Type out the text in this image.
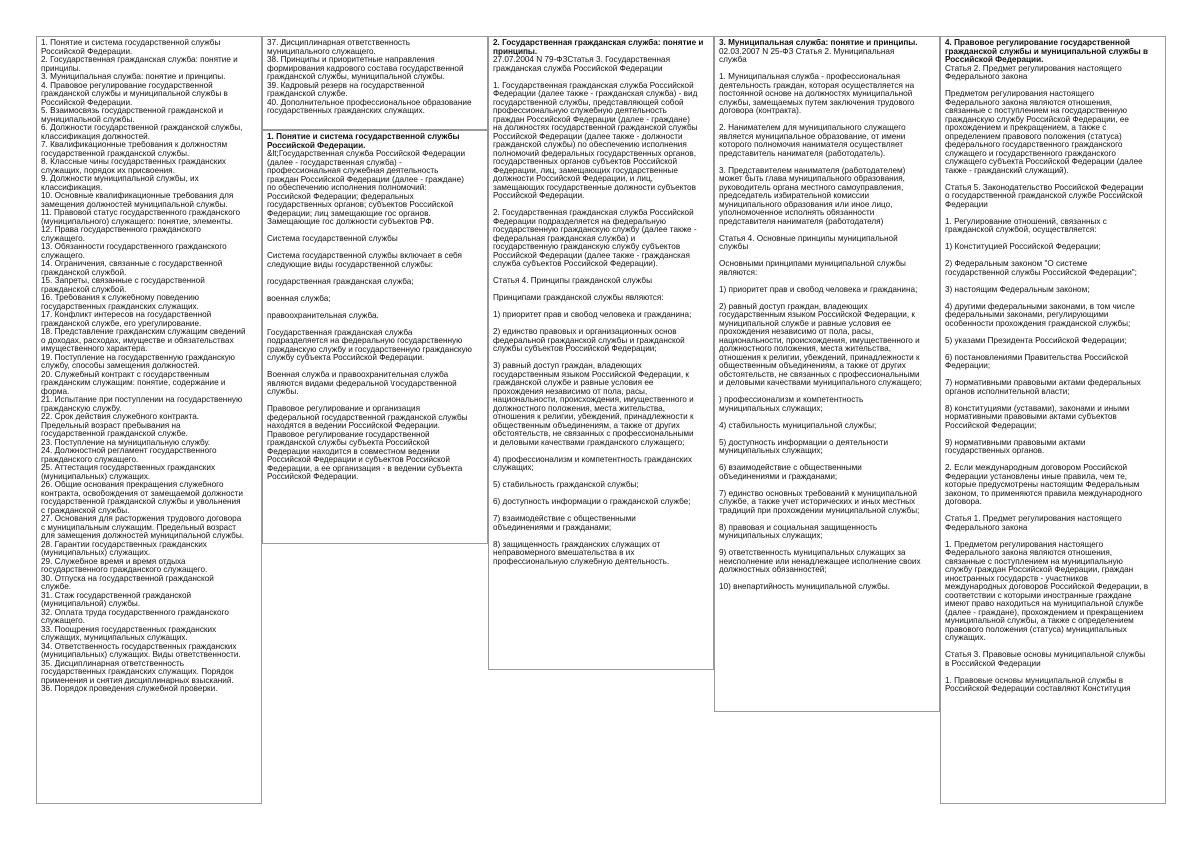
1. Понятие и система государственной службы
Российской Федерации.
2. Государственная гражданская служба: понятие и
принципы.
3. Муниципальная служба: понятие и принципы.
4. Правовое регулирование государственной
гражданской службы и муниципальной службы в
Российской Федерации.
5. Взаимосвязь государственной гражданской и
муниципальной службы.
6. Должности государственной гражданской службы,
классификация должностей.
7. Квалификационные требования к должностям
государственной гражданской службы.
8. Классные чины государственных гражданских
служащих, порядок их присвоения.
9. Должности муниципальной службы, их
классификация.
10. Основные квалификационные требования для
замещения должностей муниципальной службы.
11. Правовой статус государственного гражданского
(муниципального) служащего: понятие, элементы.
12. Права государственного гражданского
служащего.
13. Обязанности государственного гражданского
служащего.
14. Ограничения, связанные с государственной
гражданской службой.
15. Запреты, связанные с государственной
гражданской службой.
16. Требования к служебному поведению
государственных гражданских служащих.
17. Конфликт интересов на государственной
гражданской службе, его урегулирование.
18. Представление гражданским служащим сведений
о доходах, расходах, имуществе и обязательствах
имущественного характера.
19. Поступление на государственную гражданскую
службу, способы замещения должностей.
20. Служебный контракт с государственным
гражданским служащим: понятие, содержание и
форма.
21. Испытание при поступлении на государственную
гражданскую службу.
22. Срок действия служебного контракта.
Предельный возраст пребывания на
государственной гражданской службе.
23. Поступление на муниципальную службу.
24. Должностной регламент государственного
гражданского служащего.
25. Аттестация государственных гражданских
(муниципальных) служащих.
26. Общие основания прекращения служебного
контракта, освобождения от замещаемой должности
государственной гражданской службы и увольнения
с гражданской службы.
27. Основания для расторжения трудового договора
с муниципальным служащим. Предельный возраст
для замещения должностей муниципальной службы.
28. Гарантии государственных гражданских
(муниципальных) служащих.
29. Служебное время и время отдыха
государственного гражданского служащего.
30. Отпуска на государственной гражданской
службе.
31. Стаж государственной гражданской
(муниципальной) службы.
32. Оплата труда государственного гражданского
служащего.
33. Поощрения государственных гражданских
служащих, муниципальных служащих.
34. Ответственность государственных гражданских
(муниципальных) служащих. Виды ответственности.
35. Дисциплинарная ответственность
государственных гражданских служащих. Порядок
применения и снятия дисциплинарных взысканий.
36. Порядок проведения служебной проверки.
37. Дисциплинарная ответственность
муниципального служащего.
38. Принципы и приоритетные направления
формирования кадрового состава государственной
гражданской службы, муниципальной службы.
39. Кадровый резерв на государственной
гражданской службе.
40. Дополнительное профессиональное образование
государственных гражданских служащих.
1. Понятие и система государственной службы
Российской Федерации.
&lt;Государственная служба Российской Федерации
(далее - государственная служба) -
профессиональная служебная деятельность
граждан Российской Федерации (далее - граждане)
по обеспечению исполнения полномочий:
Российской Федерации; федеральных
государственных органов; субъектов Российской
Федерации; лиц замещающие гос органов.
Замещающие гос должности субъектов РФ.
Система государственной службы
Система государственной службы включает в себя
следующие виды государственной службы:
государственная гражданская служба;
военная служба;
правоохранительная служба.
Государственная гражданская служба
подразделяется на федеральную государственную
гражданскую службу и государственную гражданскую
службу субъекта Российской Федерации.
Военная служба и правоохранительная служба
являются видами федеральной \государственной
службы.
Правовое регулирование и организация
федеральной государственной гражданской службы
находятся в ведении Российской Федерации.
Правовое регулирование государственной
гражданской службы субъекта Российской
Федерации находится в совместном ведении
Российской Федерации и субъектов Российской
Федерации, а ее организация - в ведении субъекта
Российской Федерации.
2. Государственная гражданская служба: понятие и
принципы.
27.07.2004 N 79-ФЗСтатья 3. Государственная
гражданская служба Российской Федерации
1. Государственная гражданская служба Российской
Федерации (далее также - гражданская служба) - вид
государственной службы, представляющей собой
профессиональную служебную деятельность
граждан Российской Федерации (далее - граждане)
на должностях государственной гражданской службы
Российской Федерации (далее также - должности
гражданской службы) по обеспечению исполнения
полномочий федеральных государственных органов,
государственных органов субъектов Российской
Федерации, лиц, замещающих государственные
должности Российской Федерации, и лиц,
замещающих государственные должности субъектов
Российской Федерации.
2. Государственная гражданская служба Российской
Федерации подразделяется на федеральную
государственную гражданскую службу (далее также -
федеральная гражданская служба) и
государственную гражданскую службу субъектов
Российской Федерации (далее также - гражданская
служба субъектов Российской Федерации).
Статья 4. Принципы гражданской службы
Принципами гражданской службы являются:
1) приоритет прав и свобод человека и гражданина;
2) единство правовых и организационных основ
федеральной гражданской службы и гражданской
службы субъектов Российской Федерации;
3) равный доступ граждан, владеющих
государственным языком Российской Федерации, к
гражданской службе и равные условия ее
прохождения независимо от пола, расы,
национальности, происхождения, имущественного и
должностного положения, места жительства,
отношения к религии, убеждений, принадлежности к
общественным объединениям, а также от других
обстоятельств, не связанных с профессиональными
и деловыми качествами гражданского служащего;
4) профессионализм и компетентность гражданских
служащих;
5) стабильность гражданской службы;
6) доступность информации о гражданской службе;
7) взаимодействие с общественными
объединениями и гражданами;
8) защищенность гражданских служащих от
неправомерного вмешательства в их
профессиональную служебную деятельность.
3. Муниципальная служба: понятие и принципы.
02.03.2007 N 25-ФЗ Статья 2. Муниципальная
служба
1. Муниципальная служба - профессиональная
деятельность граждан, которая осуществляется на
постоянной основе на должностях муниципальной
службы, замещаемых путем заключения трудового
договора (контракта).
2. Нанимателем для муниципального служащего
является муниципальное образование, от имени
которого полномочия нанимателя осуществляет
представитель нанимателя (работодатель).
3. Представителем нанимателя (работодателем)
может быть глава муниципального образования,
руководитель органа местного самоуправления,
председатель избирательной комиссии
муниципального образования или иное лицо,
уполномоченное исполнять обязанности
представителя нанимателя (работодателя)
Статья 4. Основные принципы муниципальной
службы
Основными принципами муниципальной службы
являются:
1) приоритет прав и свобод человека и гражданина;
2) равный доступ граждан, владеющих
государственным языком Российской Федерации, к
муниципальной службе и равные условия ее
прохождения независимо от пола, расы,
национальности, происхождения, имущественного и
должностного положения, места жительства,
отношения к религии, убеждений, принадлежности к
общественным объединениям, а также от других
обстоятельств, не связанных с профессиональными
и деловыми качествами муниципального служащего;
) профессионализм и компетентность
муниципальных служащих;
4) стабильность муниципальной службы;
5) доступность информации о деятельности
муниципальных служащих;
6) взаимодействие с общественными
объединениями и гражданами;
7) единство основных требований к муниципальной
службе, а также учет исторических и иных местных
традиций при прохождении муниципальной службы;
8) правовая и социальная защищенность
муниципальных служащих;
9) ответственность муниципальных служащих за
неисполнение или ненадлежащее исполнение своих
должностных обязанностей;
10) внепартийность муниципальной службы.
4. Правовое регулирование государственной
гражданской службы и муниципальной службы в
Российской Федерации.
Статья 2. Предмет регулирования настоящего
Федерального закона
Предметом регулирования настоящего
Федерального закона являются отношения,
связанные с поступлением на государственную
гражданскую службу Российской Федерации, ее
прохождением и прекращением, а также с
определением правового положения (статуса)
федерального государственного гражданского
служащего и государственного гражданского
служащего субъекта Российской Федерации (далее
также - гражданский служащий).
Статья 5. Законодательство Российской Федерации
о государственной гражданской службе Российской
Федерации
1. Регулирование отношений, связанных с
гражданской службой, осуществляется:
1) Конституцией Российской Федерации;
2) Федеральным законом "О системе
государственной службы Российской Федерации";
3) настоящим Федеральным законом;
4) другими федеральными законами, в том числе
федеральными законами, регулирующими
особенности прохождения гражданской службы;
5) указами Президента Российской Федерации;
6) постановлениями Правительства Российской
Федерации;
7) нормативными правовыми актами федеральных
органов исполнительной власти;
8) конституциями (уставами), законами и иными
нормативными правовыми актами субъектов
Российской Федерации;
9) нормативными правовыми актами
государственных органов.
2. Если международным договором Российской
Федерации установлены иные правила, чем те,
которые предусмотрены настоящим Федеральным
законом, то применяются правила международного
договора.
Статья 1. Предмет регулирования настоящего
Федерального закона
1. Предметом регулирования настоящего
Федерального закона являются отношения,
связанные с поступлением на муниципальную
службу граждан Российской Федерации, граждан
иностранных государств - участников
международных договоров Российской Федерации, в
соответствии с которыми иностранные граждане
имеют право находиться на муниципальной службе
(далее - граждане), прохождением и прекращением
муниципальной службы, а также с определением
правового положения (статуса) муниципальных
служащих.
Статья 3. Правовые основы муниципальной службы
в Российской Федерации
1. Правовые основы муниципальной службы в
Российской Федерации составляют Конституция
